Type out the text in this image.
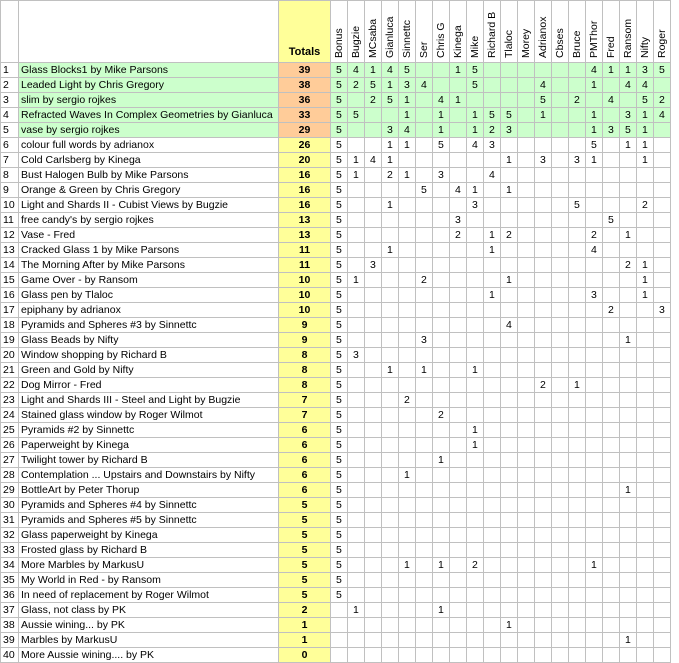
		Totals	Bonus	Bugzie	MCsaba	Gianluca	Sinnettc	Ser	Chris G	Kinega	Mike	Richard B	Tlaloc	Morey	Adrianox	Cbses	Bruce	PMThor	Fred	Ransom	Nifty	Roger
1	Glass Blocks1 by Mike Parsons	39	5	4	1	4	5			1	5							4	1	1	3	5
2	Leaded Light by Chris Gregory	38	5	2	5	1	3	4			5				4			1		4	4	
3	slim by sergio rojkes	36	5		2	5	1		4	1					5		2		4		5	2
4	Refracted Waves In Complex Geometries by Gianluca	33	5	5			1		1		1	5	5		1			1		3	1	4
5	vase by sergio rojkes	29	5			3	4		1		1	2	3					1	3	5	1	
6	colour full words by adrianox	26	5			1	1		5		4	3						5		1	1	
7	Cold Carlsberg by Kinega	20	5	1	4	1							1		3		3	1			1	
8	Bust Halogen Bulb by Mike Parsons	16	5	1		2	1		3			4										
9	Orange & Green by Chris Gregory	16	5					5		4	1		1									
10	Light and Shards II - Cubist Views by Bugzie	16	5			1					3						5				2	
11	free candy's by sergio rojkes	13	5							3									5			
12	Vase - Fred	13	5							2		1	2					2		1		
13	Cracked Glass 1 by Mike Parsons	11	5			1						1						4				
14	The Morning After by Mike Parsons	11	5		3															2	1	
15	Game Over - by Ransom	10	5	1				2					1								1	
16	Glass pen by Tlaloc	10	5									1						3			1	
17	epiphany by adrianox	10	5																2			3
18	Pyramids and Spheres #3 by Sinnettc	9	5										4									
19	Glass Beads by Nifty	9	5					3												1		
20	Window shopping by Richard B	8	5	3																		
21	Green and Gold by Nifty	8	5			1		1			1											
22	Dog Mirror - Fred	8	5												2		1					
23	Light and Shards III - Steel and Light by Bugzie	7	5				2															
24	Stained glass window by Roger Wilmot	7	5						2													
25	Pyramids #2 by Sinnettc	6	5								1											
26	Paperweight by Kinega	6	5								1											
27	Twilight tower by Richard B	6	5						1													
28	Contemplation ... Upstairs and Downstairs by Nifty	6	5				1															
29	BottleArt by Peter Thorup	6	5																	1		
30	Pyramids and Spheres #4 by Sinnettc	5	5																			
31	Pyramids and Spheres #5 by Sinnettc	5	5																			
32	Glass paperweight by Kinega	5	5																			
33	Frosted glass by Richard B	5	5																			
34	More Marbles by MarkusU	5	5				1		1		2							1				
35	My World in Red - by Ransom	5	5																			
36	In need of replacement by Roger Wilmot	5	5																			
37	Glass, not class by PK	2		1					1													
38	Aussie wining... by PK	1											1									
39	Marbles by MarkusU	1																		1		
40	More Aussie wining.... by PK	0																				
